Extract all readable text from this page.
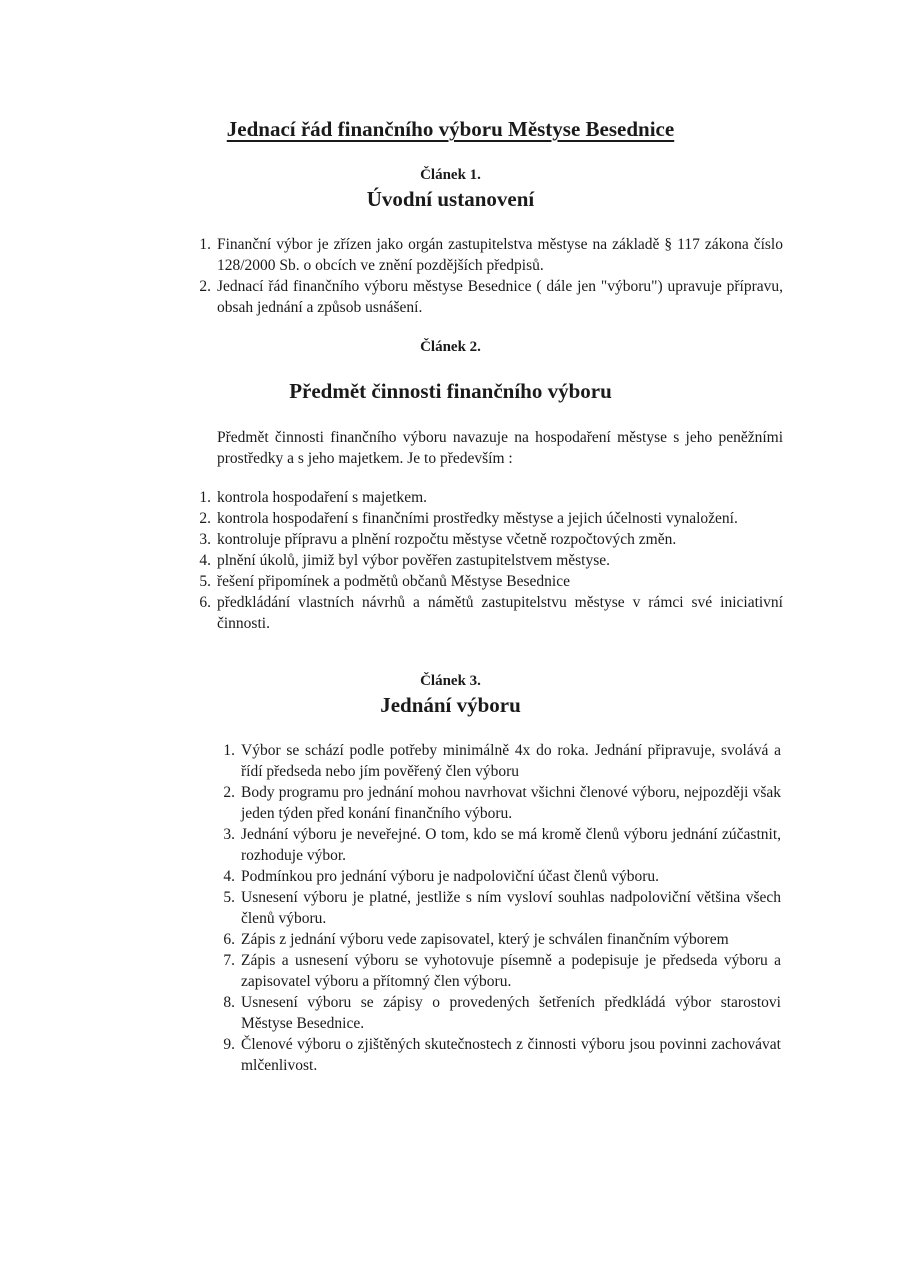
Jednací řád finančního výboru Městyse Besednice
Článek 1.
Úvodní ustanovení
1. Finanční výbor je zřízen jako orgán zastupitelstva městyse na základě § 117 zákona číslo 128/2000 Sb. o obcích ve znění pozdějších předpisů.
2. Jednací řád finančního výboru městyse Besednice ( dále jen "výboru") upravuje přípravu, obsah jednání a způsob usnášení.
Článek 2.
Předmět činnosti finančního výboru

Předmět činnosti finančního výboru navazuje na hospodaření městyse s jeho peněžními prostředky a s jeho majetkem. Je to především :

1. kontrola hospodaření s majetkem.
2. kontrola hospodaření s finančními prostředky městyse a jejich účelnosti vynaložení.
3. kontroluje přípravu a plnění rozpočtu městyse včetně rozpočtových změn.
4. plnění úkolů, jimiž byl výbor pověřen zastupitelstvem městyse.
5. řešení připomínek a podmětů občanů Městyse Besednice
6. předkládání vlastních návrhů a námětů zastupitelstvu městyse v rámci své iniciativní činnosti.
Článek 3.
Jednání výboru
1. Výbor se schází podle potřeby minimálně 4x do roka. Jednání připravuje, svolává a řídí předseda nebo jím pověřený člen výboru
2. Body programu pro jednání mohou navrhovat všichni členové výboru, nejpozději však jeden týden před konání finančního výboru.
3. Jednání výboru je neveřejné. O tom, kdo se má kromě členů výboru jednání zúčastnit, rozhoduje výbor.
4. Podmínkou pro jednání výboru je nadpoloviční účast členů výboru.
5. Usnesení výboru je platné, jestliže s ním vysloví souhlas nadpoloviční většina všech členů výboru.
6. Zápis z jednání výboru vede zapisovatel, který je schválen finančním výborem
7. Zápis a usnesení výboru se vyhotovuje písemně a podepisuje je předseda výboru a zapisovatel výboru a přítomný člen výboru.
8. Usnesení výboru se zápisy o provedených šetřeních předkládá výbor starostovi Městyse Besednice.
9. Členové výboru o zjištěných skutečnostech z činnosti výboru jsou povinni zachovávat mlčenlivost.
